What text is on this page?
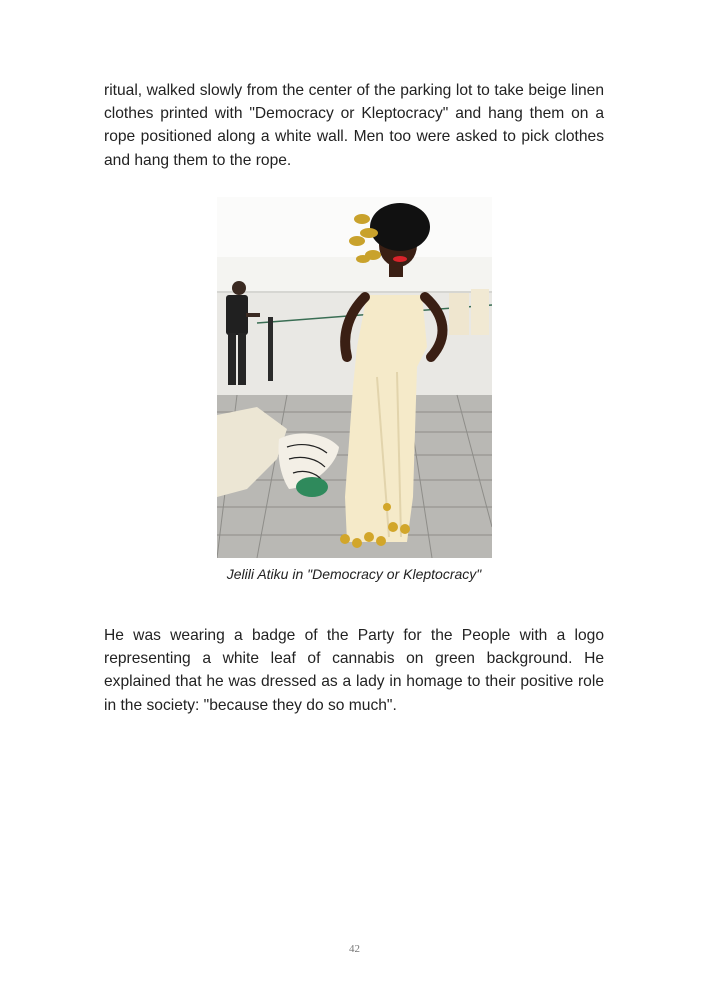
ritual, walked slowly from the center of the parking lot to take beige linen clothes printed with "Democracy or Kleptocracy" and hang them on a rope positioned along a white wall. Men too were asked to pick clothes and hang them to the rope.

Jelili Atiku in "Democracy or Kleptocracy"

He was wearing a badge of the Party for the People with a logo representing a white leaf of cannabis on green background. He explained that he was dressed as a lady in homage to their positive role in the society: "because they do so much".

42
